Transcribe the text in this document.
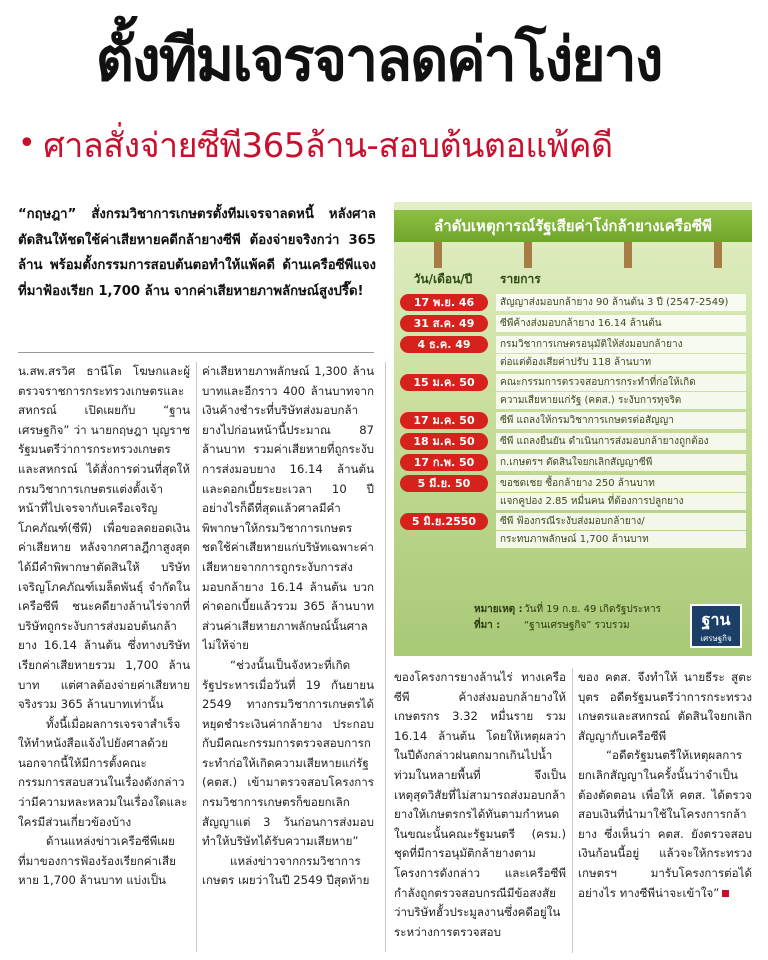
ตั้งทีมเจรจาลดค่าโง่ยาง
• ศาลสั่งจ่ายซีพี365ล้าน-สอบต้นตอแพ้คดี
“กฤษฎา” สั่งกรมวิชาการเกษตรตั้งทีมเจรจาลดหนี้ หลังศาลตัดสินให้ชดใช้ค่าเสียหายคดีกล้ายางซีพี ต้องจ่ายจริงกว่า 365 ล้าน พร้อมตั้งกรรมการสอบต้นตอทำให้แพ้คดี ด้านเครือซีพีแจงที่มาฟ้องเรียก 1,700 ล้าน จากค่าเสียหายภาพลักษณ์สูงปรี๊ด!

น.สพ.สรวิศ ธานีโต โฆษกและผู้ตรวจราชการกระทรวงเกษตรและสหกรณ์ เปิดเผยกับ “ฐานเศรษฐกิจ” ว่า นายกฤษฎา บุญราช รัฐมนตรีว่าการกระทรวงเกษตรและสหกรณ์ ได้สั่งการด่วนที่สุดให้กรมวิชาการเกษตรแต่งตั้งเจ้าหน้าที่ไปเจรจากับเครือเจริญโภคภัณฑ์(ซีพี) เพื่อขอลดยอดเงินค่าเสียหาย หลังจากศาลฎีกาสูงสุดได้มีคำพิพากษาตัดสินให้ บริษัท เจริญโภคภัณฑ์เมล็ดพันธุ์ จำกัดในเครือซีพี ชนะคดียางล้านไร่จากที่บริษัทถูกระงับการส่งมอบต้นกล้ายาง 16.14 ล้านต้น ซึ่งทางบริษัทเรียกค่าเสียหายรวม 1,700 ล้านบาท แต่ศาลต้องจ่ายค่าเสียหายจริงรวม 365 ล้านบาทเท่านั้น

ทั้งนี้เมื่อผลการเจรจาสำเร็จให้ทำหนังสือแจ้งไปยังศาลด้วย นอกจากนี้ให้มีการตั้งคณะกรรมการสอบสวนในเรื่องดังกล่าวว่ามีความหละหลวมในเรื่องใดและใครมีส่วนเกี่ยวข้องบ้าง

ด้านแหล่งข่าวเครือซีพีเผยที่มาของการฟ้องร้องเรียกค่าเสียหาย 1,700 ล้านบาท แบ่งเป็น

ค่าเสียหายภาพลักษณ์ 1,300 ล้านบาทและอีกราว 400 ล้านบาทจากเงินค้างชำระที่บริษัทส่งมอบกล้ายางไปก่อนหน้านี้ประมาณ 87 ล้านบาท รวมค่าเสียหายที่ถูกระงับการส่งมอบยาง 16.14 ล้านต้น และดอกเบี้ยระยะเวลา 10 ปี อย่างไรก็ดีที่สุดแล้วศาลมีคำพิพากษาให้กรมวิชาการเกษตรชดใช้ค่าเสียหายแก่บริษัทเฉพาะค่าเสียหายจากการถูกระงับการส่งมอบกล้ายาง 16.14 ล้านต้น บวกค่าดอกเบี้ยแล้วรวม 365 ล้านบาท ส่วนค่าเสียหายภาพลักษณ์นั้นศาลไม่ให้จ่าย

“ช่วงนั้นเป็นจังหวะที่เกิดรัฐประหารเมื่อวันที่ 19 กันยายน 2549 ทางกรมวิชาการเกษตรได้หยุดชำระเงินค่ากล้ายาง ประกอบกับมีคณะกรรมการตรวจสอบการกระทำก่อให้เกิดความเสียหายแก่รัฐ (คตส.) เข้ามาตรวจสอบโครงการ กรมวิชาการเกษตรก็ขอยกเลิกสัญญาแต่ 3 วันก่อนการส่งมอบ ทำให้บริษัทได้รับความเสียหาย”

แหล่งข่าวจากกรมวิชาการเกษตร เผยว่าในปี 2549 ปีสุดท้าย

ของโครงการยางล้านไร่ ทางเครือซีพี ค้างส่งมอบกล้ายางให้เกษตรกร 3.32 หมื่นราย รวม 16.14 ล้านต้น โดยให้เหตุผลว่า ในปีดังกล่าวฝนตกมากเกินไปน้ำท่วมในหลายพื้นที่ จึงเป็นเหตุสุดวิสัยที่ไม่สามารถส่งมอบกล้ายางให้เกษตรกรได้ทันตามกำหนด ในขณะนั้นคณะรัฐมนตรี (ครม.) ชุดที่มีการอนุมัติกล้ายางตามโครงการดังกล่าว และเครือซีพี กำลังถูกตรวจสอบกรณีมีข้อสงสัยว่าบริษัทฮั้วประมูลงานซึ่งคดีอยู่ในระหว่างการตรวจสอบ

ของ คตส. จึงทำให้ นายธีระ สูตะบุตร อดีตรัฐมนตรีว่าการกระทรวงเกษตรและสหกรณ์ ตัดสินใจยกเลิกสัญญากับเครือซีพี

“อดีตรัฐมนตรีให้เหตุผลการยกเลิกสัญญาในครั้งนั้นว่าจำเป็นต้องตัดตอน เพื่อให้ คตส. ได้ตรวจสอบเงินที่นำมาใช้ในโครงการกล้ายาง ซึ่งเห็นว่า คตส. ยังตรวจสอบเงินก้อนนี้อยู่ แล้วจะให้กระทรวงเกษตรฯ มารับโครงการต่อได้อย่างไร ทางซีพีน่าจะเข้าใจ”

ลำดับเหตุการณ์รัฐเสียค่าโง่กล้ายางเครือซีพี
วัน/เดือน/ปี	รายการ
17 พ.ย. 46	สัญญาส่งมอบกล้ายาง 90 ล้านต้น 3 ปี (2547-2549)
31 ส.ค. 49	ซีพีค้างส่งมอบกล้ายาง 16.14 ล้านต้น
4 ธ.ค. 49	กรมวิชาการเกษตรอนุมัติให้ส่งมอบกล้ายาง
ต่อแต่ต้องเสียค่าปรับ 118 ล้านบาท
15 ม.ค. 50	คณะกรรมการตรวจสอบการกระทำที่ก่อให้เกิด
ความเสียหายแก่รัฐ (คตส.) ระงับการทุจริต
17 ม.ค. 50	ซีพี แถลงให้กรมวิชาการเกษตรต่อสัญญา
18 ม.ค. 50	ซีพี แถลงยืนยัน ดำเนินการส่งมอบกล้ายางถูกต้อง
17 ก.พ. 50	ก.เกษตรฯ ตัดสินใจยกเลิกสัญญาซีพี
5 มี.ย. 50	ขอชดเชย ซื้อกล้ายาง 250 ล้านบาท
แจกคูปอง 2.85 หมื่นคน ที่ต้องการปลูกยาง
5 มิ.ย.2550	ซีพี ฟ้องกรณีระงับส่งมอบกล้ายาง/
กระทบภาพลักษณ์ 1,700 ล้านบาท
หมายเหตุ :วันที่ 19 ก.ย. 49 เกิดรัฐประหาร
ที่มา : “ฐานเศรษฐกิจ” รวบรวม	ฐาน
เศรษฐกิจ
